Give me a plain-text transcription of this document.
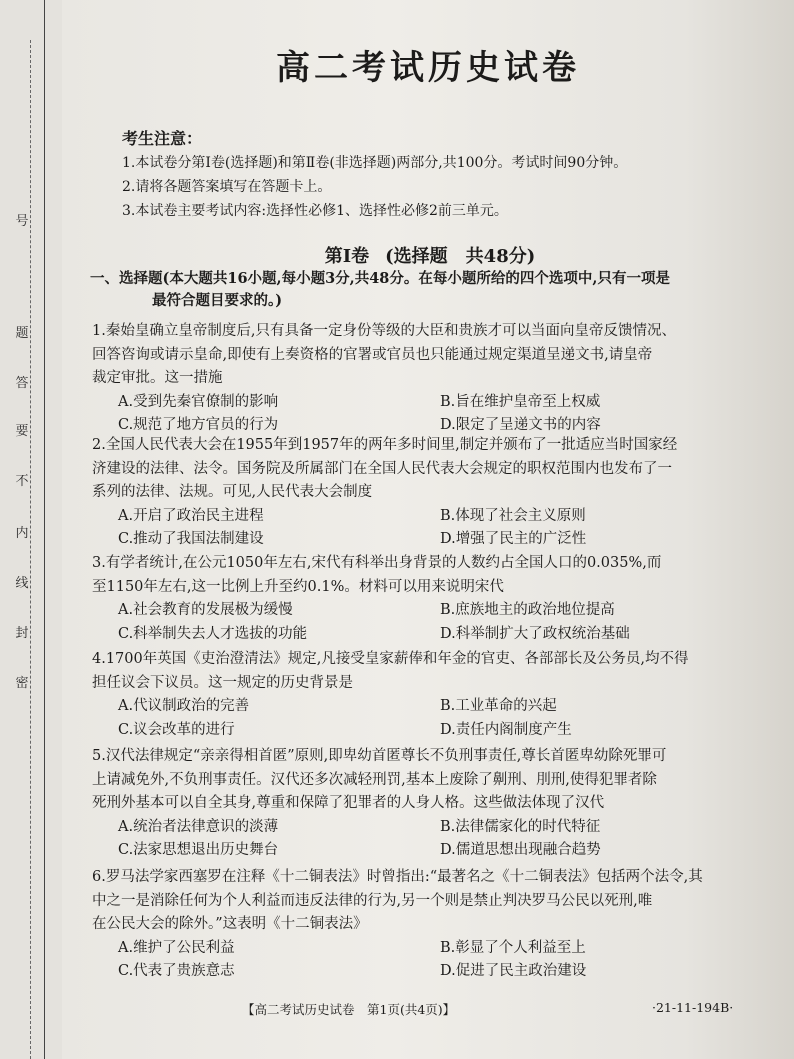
号
题
答
要
不
内
线
封
密
高二考试历史试卷
考生注意：
1.本试卷分第Ⅰ卷(选择题)和第Ⅱ卷(非选择题)两部分,共100分。考试时间90分钟。
2.请将各题答案填写在答题卡上。
3.本试卷主要考试内容:选择性必修1、选择性必修2前三单元。
第Ⅰ卷 (选择题　共48分)
一、选择题(本大题共16小题,每小题3分,共48分。在每小题所给的四个选项中,只有一项是
最符合题目要求的。)

1.秦始皇确立皇帝制度后,只有具备一定身份等级的大臣和贵族才可以当面向皇帝反馈情况、

回答咨询或请示皇命,即使有上奏资格的官署或官员也只能通过规定渠道呈递文书,请皇帝

裁定审批。这一措施

A.受到先秦官僚制的影响	B.旨在维护皇帝至上权威
C.规范了地方官员的行为	D.限定了呈递文书的内容

2.全国人民代表大会在1955年到1957年的两年多时间里,制定并颁布了一批适应当时国家经

济建设的法律、法令。国务院及所属部门在全国人民代表大会规定的职权范围内也发布了一

系列的法律、法规。可见,人民代表大会制度

A.开启了政治民主进程	B.体现了社会主义原则
C.推动了我国法制建设	D.增强了民主的广泛性

3.有学者统计,在公元1050年左右,宋代有科举出身背景的人数约占全国人口的0.035%,而

至1150年左右,这一比例上升至约0.1%。材料可以用来说明宋代

A.社会教育的发展极为缓慢	B.庶族地主的政治地位提高
C.科举制失去人才选拔的功能	D.科举制扩大了政权统治基础

4.1700年英国《吏治澄清法》规定,凡接受皇家薪俸和年金的官吏、各部部长及公务员,均不得

担任议会下议员。这一规定的历史背景是

A.代议制政治的完善	B.工业革命的兴起
C.议会改革的进行	D.责任内阁制度产生

5.汉代法律规定“亲亲得相首匿”原则,即卑幼首匿尊长不负刑事责任,尊长首匿卑幼除死罪可

上请减免外,不负刑事责任。汉代还多次减轻刑罚,基本上废除了劓刑、刖刑,使得犯罪者除

死刑外基本可以自全其身,尊重和保障了犯罪者的人身人格。这些做法体现了汉代

A.统治者法律意识的淡薄	B.法律儒家化的时代特征
C.法家思想退出历史舞台	D.儒道思想出现融合趋势

6.罗马法学家西塞罗在注释《十二铜表法》时曾指出:“最著名之《十二铜表法》包括两个法令,其

中之一是消除任何为个人利益而违反法律的行为,另一个则是禁止判决罗马公民以死刑,唯

在公民大会的除外。”这表明《十二铜表法》

A.维护了公民利益	B.彰显了个人利益至上
C.代表了贵族意志	D.促进了民主政治建设
【高二考试历史试卷　第1页(共4页)】	·21-11-194B·
